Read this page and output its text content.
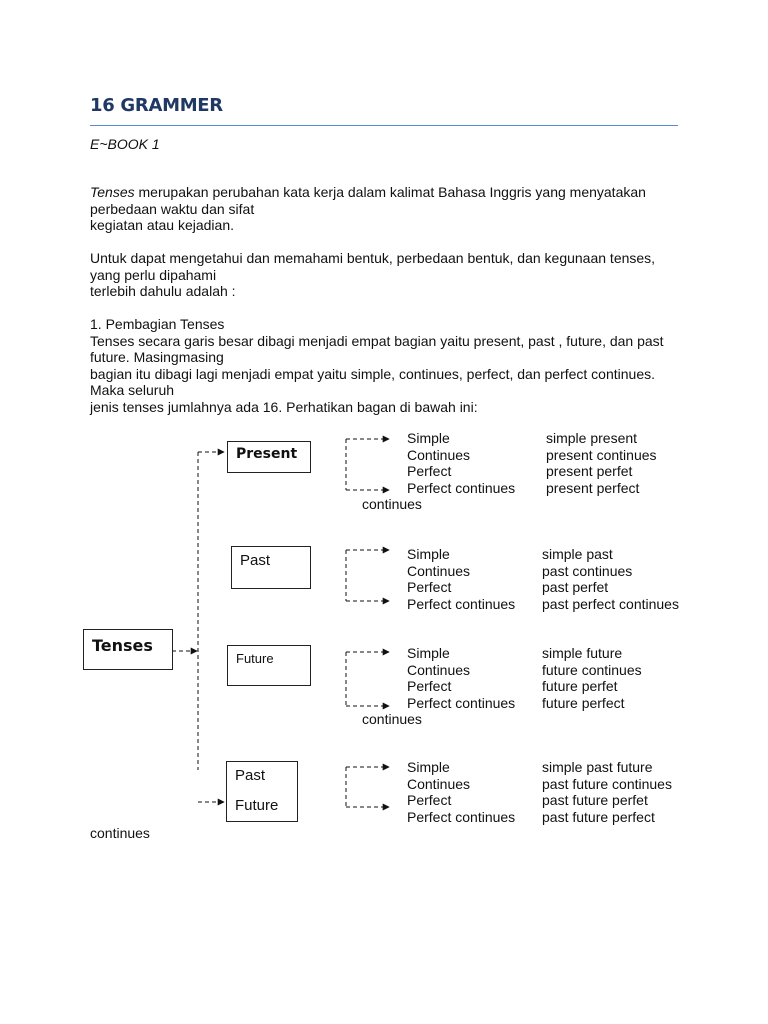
16 GRAMMER
E~BOOK 1
Tenses merupakan perubahan kata kerja dalam kalimat Bahasa Inggris yang menyatakan
perbedaan waktu dan sifat
kegiatan atau kejadian.
Untuk dapat mengetahui dan memahami bentuk, perbedaan bentuk, dan kegunaan tenses,
yang perlu dipahami
terlebih dahulu adalah :
1. Pembagian Tenses
Tenses secara garis besar dibagi menjadi empat bagian yaitu present, past , future, dan past
future. Masingmasing
bagian itu dibagi lagi menjadi empat yaitu simple, continues, perfect, dan perfect continues.
Maka seluruh
jenis tenses jumlahnya ada 16. Perhatikan bagan di bawah ini:
Tenses
Present
Past
Future
Past
Future
Simple
Continues
Perfect
Perfect continues
simple present
present continues
present perfet
present perfect
continues
Simple
Continues
Perfect
Perfect continues
simple past
past continues
past perfet
past perfect continues
Simple
Continues
Perfect
Perfect continues
simple future
future continues
future perfet
future perfect
continues
Simple
Continues
Perfect
Perfect continues
simple past future
past future continues
past future perfet
past future perfect
continues
